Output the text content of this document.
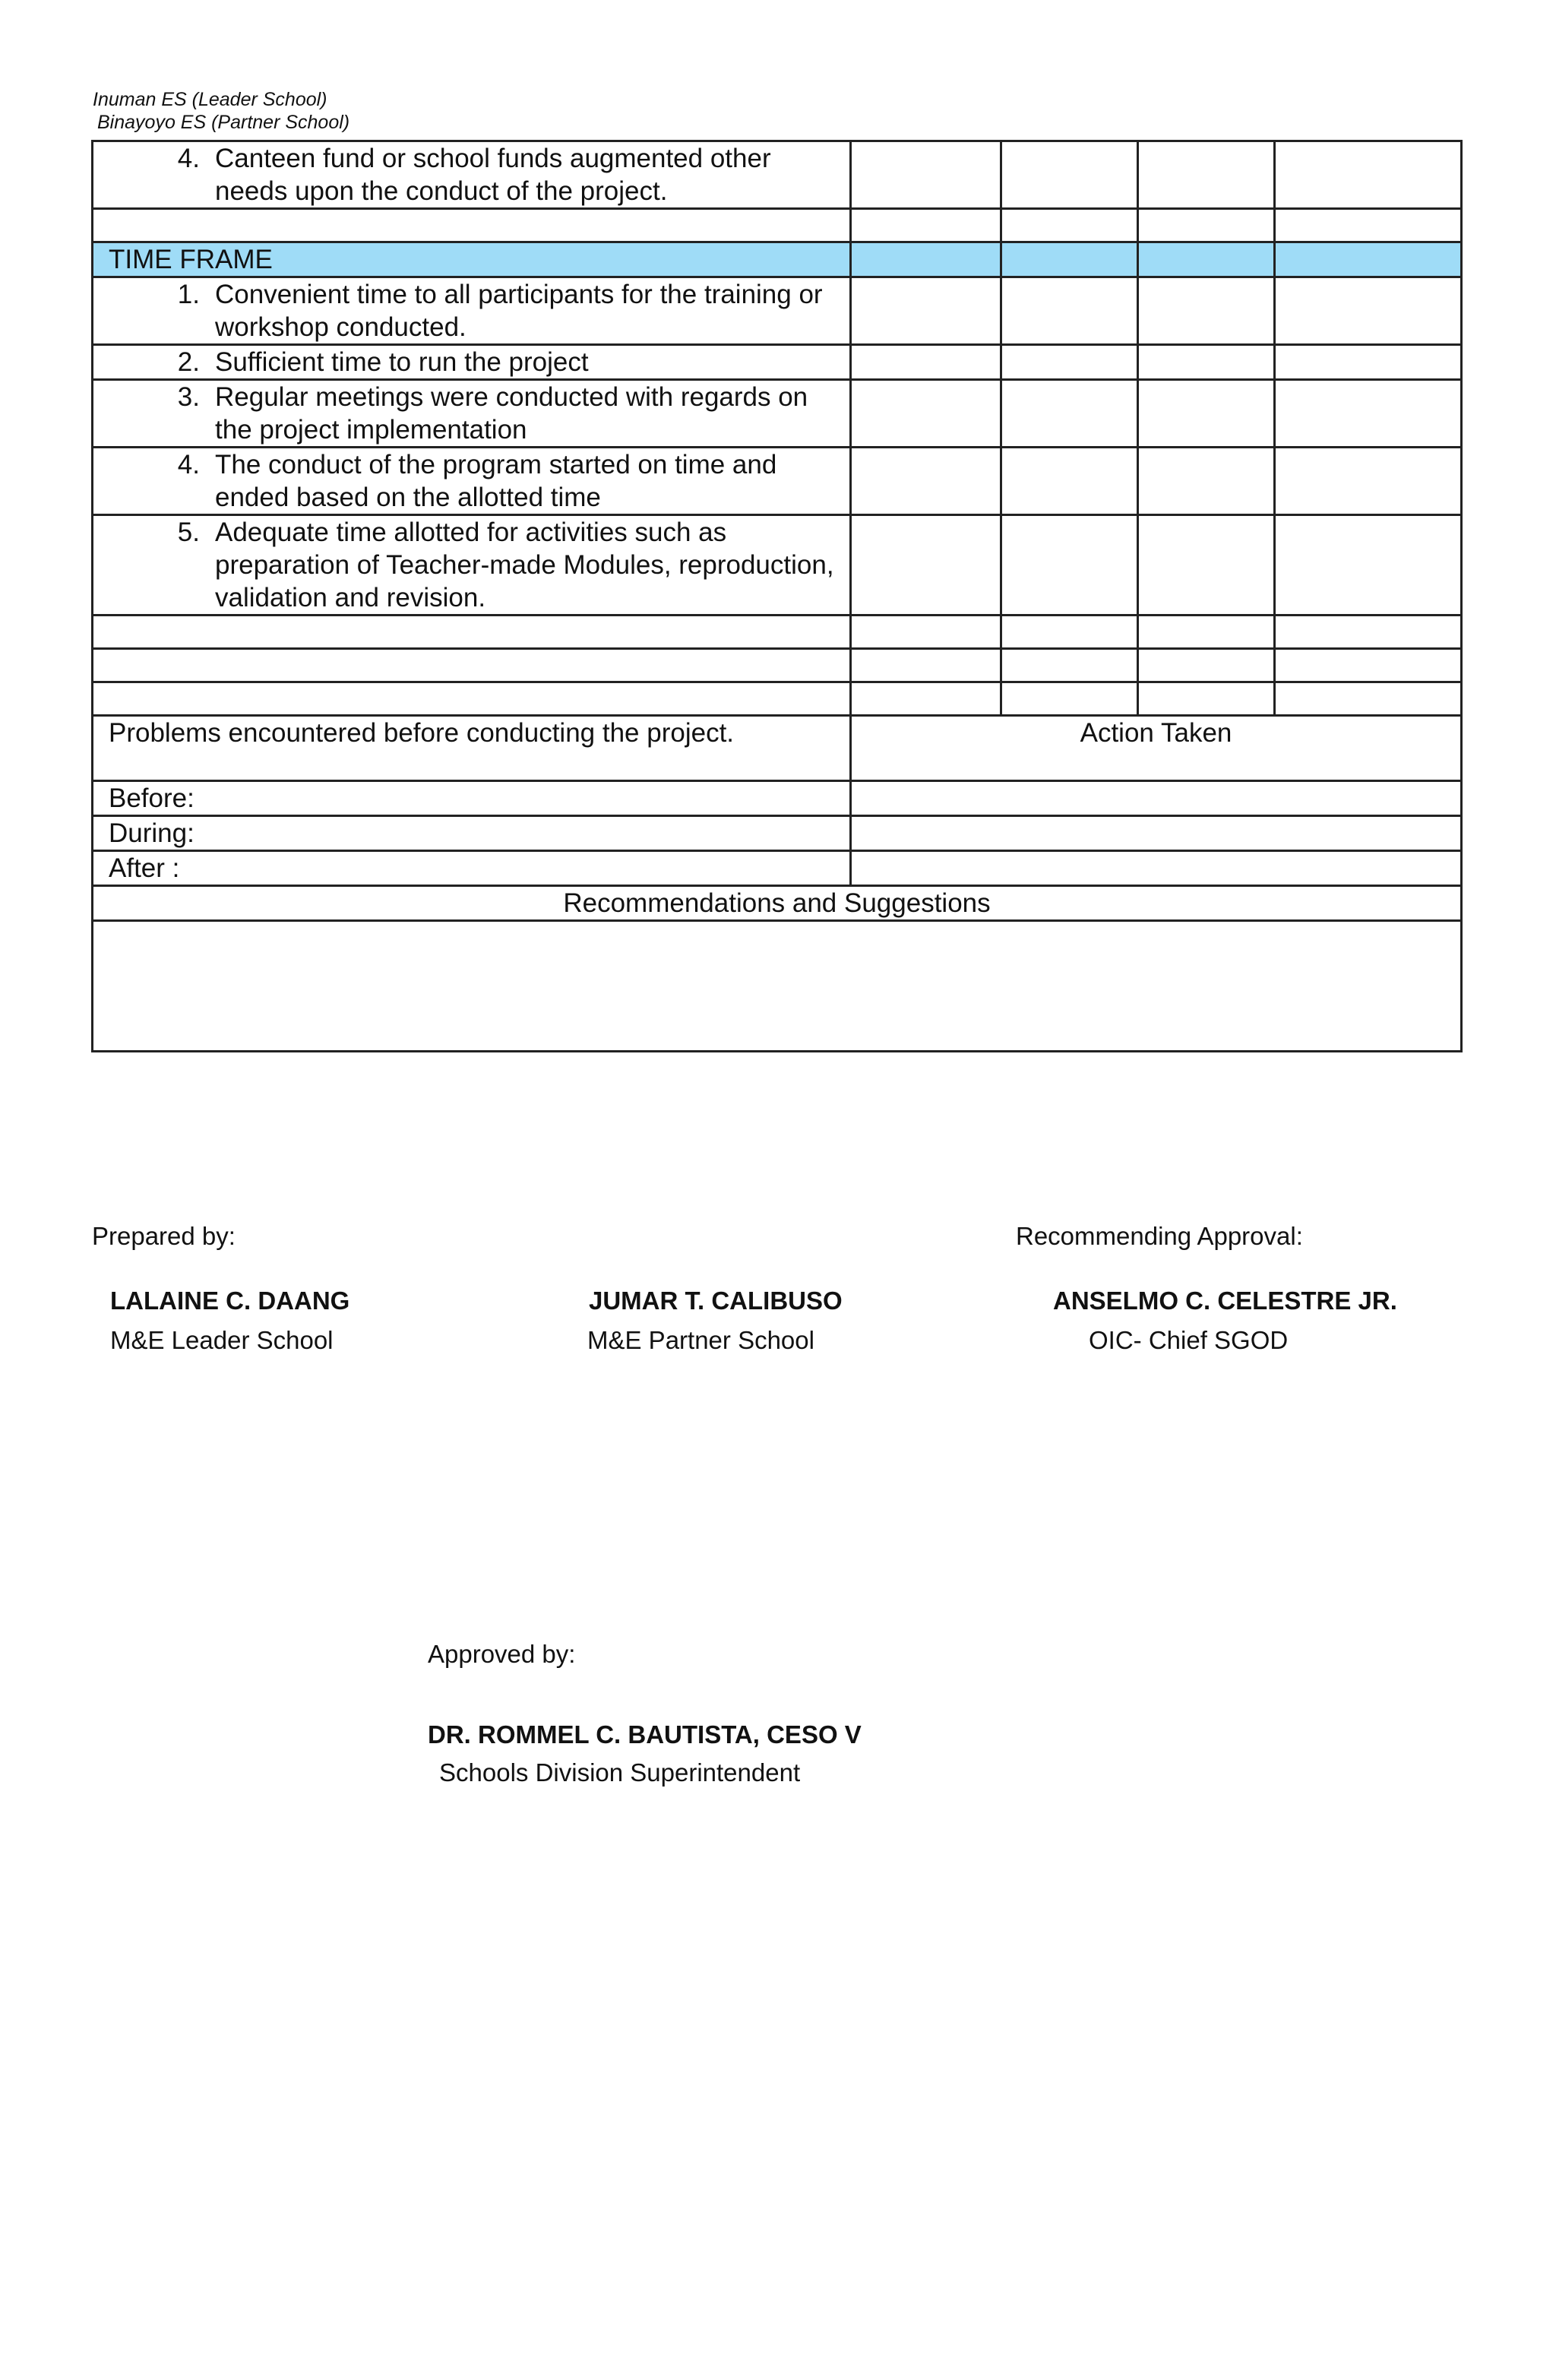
Inuman ES (Leader School)
Binayoyo ES (Partner School)
4. Canteen fund or school funds augmented other needs upon the conduct of the project.				

TIME FRAME				

1. Convenient time to all participants for the training or workshop conducted.				

2. Sufficient time to run the project				

3. Regular meetings were conducted with regards on the project implementation				

4. The conduct of the program started on time and ended based on the allotted time				

5. Adequate time allotted for activities such as preparation of Teacher-made Modules, reproduction, validation and revision.				

Problems encountered before conducting the project.	Action Taken			
Before:				
During:				
After :				
Recommendations and Suggestions				

Prepared by:	Recommending Approval:
LALAINE C. DAANG
M&E Leader School
JUMAR T. CALIBUSO
M&E Partner School
ANSELMO C. CELESTRE JR.
OIC- Chief SGOD
Approved by:
DR. ROMMEL C. BAUTISTA, CESO V
Schools Division Superintendent
